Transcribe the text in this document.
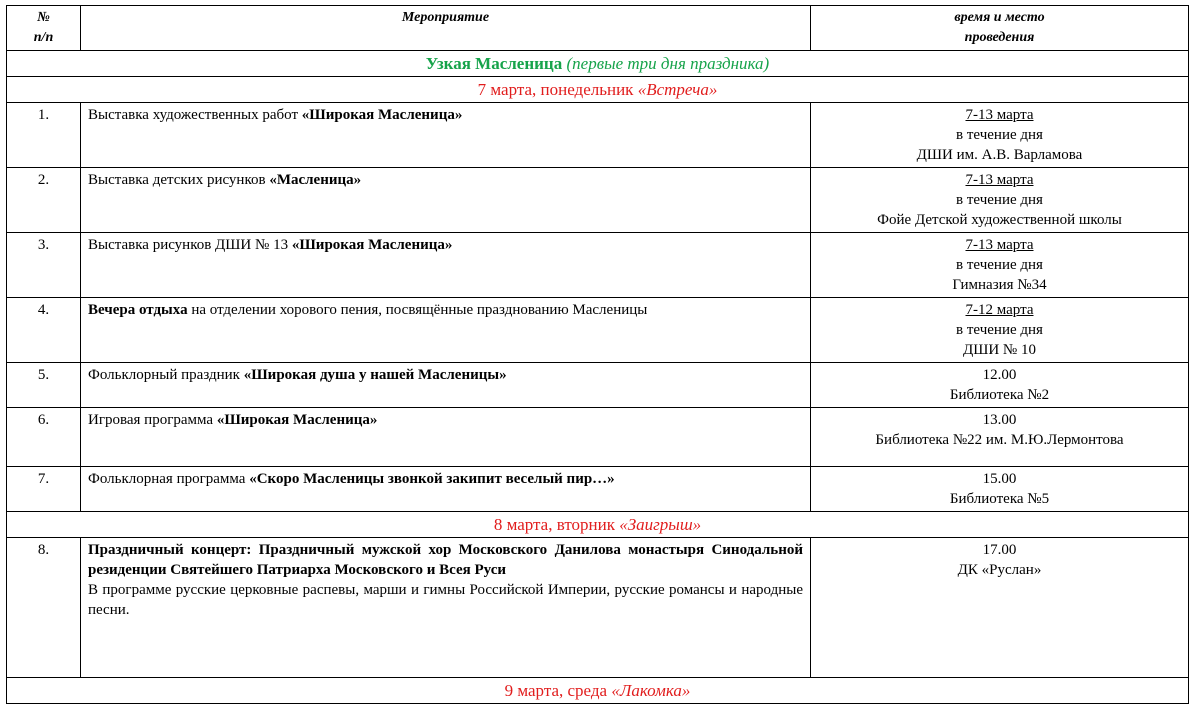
№
п/п	Мероприятие	время и место
проведения

Узкая Масленица (первые три дня праздника)		
7 марта, понедельник «Встреча»		
1.	Выставка художественных работ «Широкая Масленица»	7-13 марта
в течение дня
ДШИ им. А.В. Варламова

2.	Выставка детских рисунков «Масленица»	7-13 марта
в течение дня
Фойе Детской художественной школы

3.	Выставка рисунков ДШИ № 13 «Широкая Масленица»	7-13 марта
в течение дня
Гимназия №34

4.	Вечера отдыха на отделении хорового пения, посвящённые празднованию Масленицы	7-12 марта
в течение дня
ДШИ № 10

5.	Фольклорный праздник «Широкая душа у нашей Масленицы»	12.00
Библиотека №2

6.	Игровая программа «Широкая Масленица»	13.00
Библиотека №22 им. М.Ю.Лермонтова

7.	Фольклорная программа «Скоро Масленицы звонкой закипит веселый пир…»	15.00
Библиотека №5

8 марта, вторник «Заигрыш»		
8.	Праздничный концерт: Праздничный мужской хор Московского Данилова монастыря Синодальной резиденции Святейшего Патриарха Московского и Всея Руси
В программе русские церковные распевы, марши и гимны Российской Империи, русские романсы и народные песни.	17.00
ДК «Руслан»

9 марта, среда «Лакомка»		
